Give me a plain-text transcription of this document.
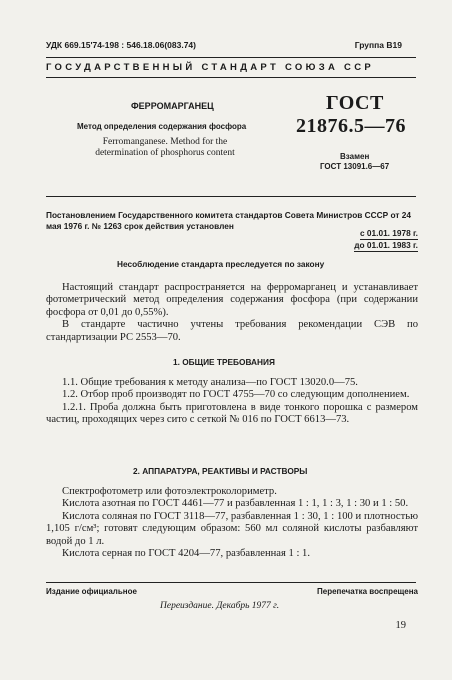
УДК 669.15'74-198 : 546.18.06(083.74)	Группа В19
ГОСУДАРСТВЕННЫЙ СТАНДАРТ СОЮЗА ССР
ФЕРРОМАРГАНЕЦ
Метод определения содержания фосфора
Ferromanganese. Method for the determination of phosphorus content
ГОСТ
21876.5—76
Взамен
ГОСТ 13091.6—67
Постановлением Государственного комитета стандартов Совета Министров СССР от 24 мая 1976 г. № 1263 срок действия установлен
с 01.01. 1978 г.
до 01.01. 1983 г.
Несоблюдение стандарта преследуется по закону

Настоящий стандарт распространяется на ферромарганец и устанавливает фотометрический метод определения содержания фосфора (при содержании фосфора от 0,01 до 0,55%).

В стандарте частично учтены требования рекомендации СЭВ по стандартизации РС 2553—70.

1. ОБЩИЕ ТРЕБОВАНИЯ

1.1. Общие требования к методу анализа—по ГОСТ 13020.0—75.

1.2. Отбор проб производят по ГОСТ 4755—70 со следующим дополнением.

1.2.1. Проба должна быть приготовлена в виде тонкого порошка с размером частиц, проходящих через сито с сеткой № 016 по ГОСТ 6613—73.

2. АППАРАТУРА, РЕАКТИВЫ И РАСТВОРЫ

Спектрофотометр или фотоэлектроколориметр.

Кислота азотная по ГОСТ 4461—77 и разбавленная 1 : 1, 1 : 3, 1 : 30 и 1 : 50.

Кислота соляная по ГОСТ 3118—77, разбавленная 1 : 30, 1 : 100 и плотностью 1,105 г/см³; готовят следующим образом: 560 мл соляной кислоты разбавляют водой до 1 л.

Кислота серная по ГОСТ 4204—77, разбавленная 1 : 1.

Издание официальное	Перепечатка воспрещена
Переиздание. Декабрь 1977 г.
19
